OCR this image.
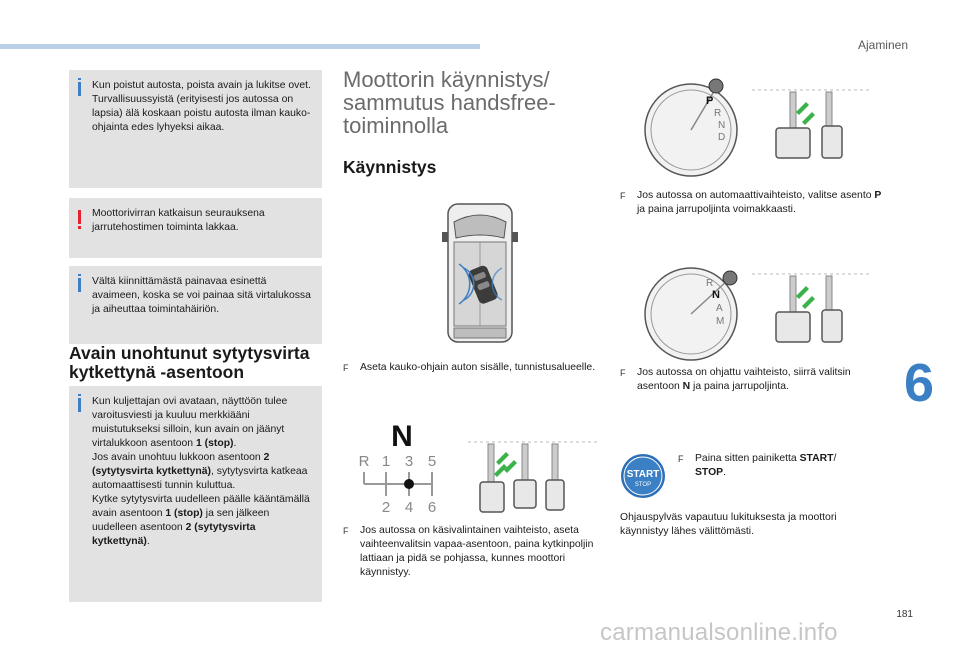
Ajaminen
6
181
carmanualsonline.info

Kun poistut autosta, poista avain ja lukitse ovet.

Turvallisuussyistä (erityisesti jos autossa on lapsia) älä koskaan poistu autosta ilman kauko-ohjainta edes lyhyeksi aikaa.

Moottorivirran katkaisun seurauksena jarrutehostimen toiminta lakkaa.

Vältä kiinnittämästä painavaa esinettä avaimeen, koska se voi painaa sitä virtalukossa ja aiheuttaa toimintahäiriön.

Avain unohtunut sytytysvirta kytkettynä -asentoon

Kun kuljettajan ovi avataan, näyttöön tulee varoitusviesti ja kuuluu merkkiääni muistutukseksi silloin, kun avain on jäänyt virtalukkoon asentoon 1 (stop).

Jos avain unohtuu lukkoon asentoon 2 (sytytysvirta kytkettynä), sytytysvirta katkeaa automaattisesti tunnin kuluttua.

Kytke sytytysvirta uudelleen päälle kääntämällä avain asentoon 1 (stop) ja sen jälkeen uudelleen asentoon 2 (sytytysvirta kytkettynä).

Moottorin käynnistys/ sammutus handsfree-toiminnolla
Käynnistys
F Aseta kauko-ohjain auton sisälle, tunnistusalueelle.
N
R 1 3 5
2 4 6
F Jos autossa on käsivalintainen vaihteisto, aseta vaihteenvalitsin vapaa-asentoon, paina kytkinpoljin lattiaan ja pidä se pohjassa, kunnes moottori käynnistyy.
P
R
N
D
F Jos autossa on automaattivaihteisto, valitse asento P ja paina jarrupoljinta voimakkaasti.
R
N
A
M
F Jos autossa on ohjattu vaihteisto, siirrä valitsin asentoon N ja paina jarrupoljinta.
START
STOP
F Paina sitten painiketta START/ STOP.
Ohjauspylväs vapautuu lukituksesta ja moottori käynnistyy lähes välittömästi.
